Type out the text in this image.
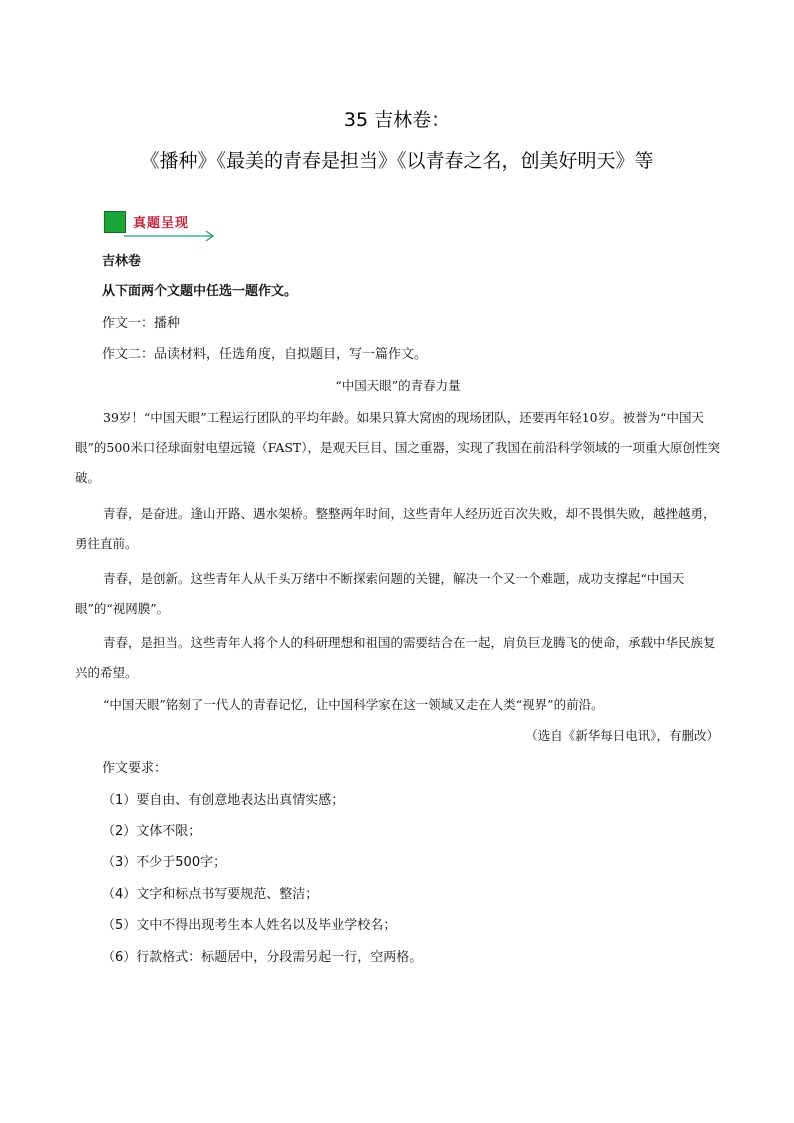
35 吉林卷：
《播种》《最美的青春是担当》《以青春之名，创美好明天》等
真题呈现
吉林卷
从下面两个文题中任选一题作文。
作文一：播种
作文二：品读材料，任选角度，自拟题目，写一篇作文。
“中国天眼”的青春力量
39岁！“中国天眼”工程运行团队的平均年龄。如果只算大窝凼的现场团队，还要再年轻10岁。被誉为“中国天眼”的500米口径球面射电望远镜（FAST），是观天巨目、国之重器，实现了我国在前沿科学领域的一项重大原创性突破。
青春，是奋进。逢山开路、遇水架桥。整整两年时间，这些青年人经历近百次失败，却不畏惧失败，越挫越勇，勇往直前。
青春，是创新。这些青年人从千头万绪中不断探索问题的关键，解决一个又一个难题，成功支撑起“中国天眼”的“视网膜”。
青春，是担当。这些青年人将个人的科研理想和祖国的需要结合在一起，肩负巨龙腾飞的使命，承载中华民族复兴的希望。
“中国天眼”铭刻了一代人的青春记忆，让中国科学家在这一领域又走在人类“视界”的前沿。
（选自《新华每日电讯》，有删改）
作文要求：
（1）要自由、有创意地表达出真情实感；
（2）文体不限；
（3）不少于500字；
（4）文字和标点书写要规范、整洁；
（5）文中不得出现考生本人姓名以及毕业学校名；
（6）行款格式：标题居中，分段需另起一行，空两格。
